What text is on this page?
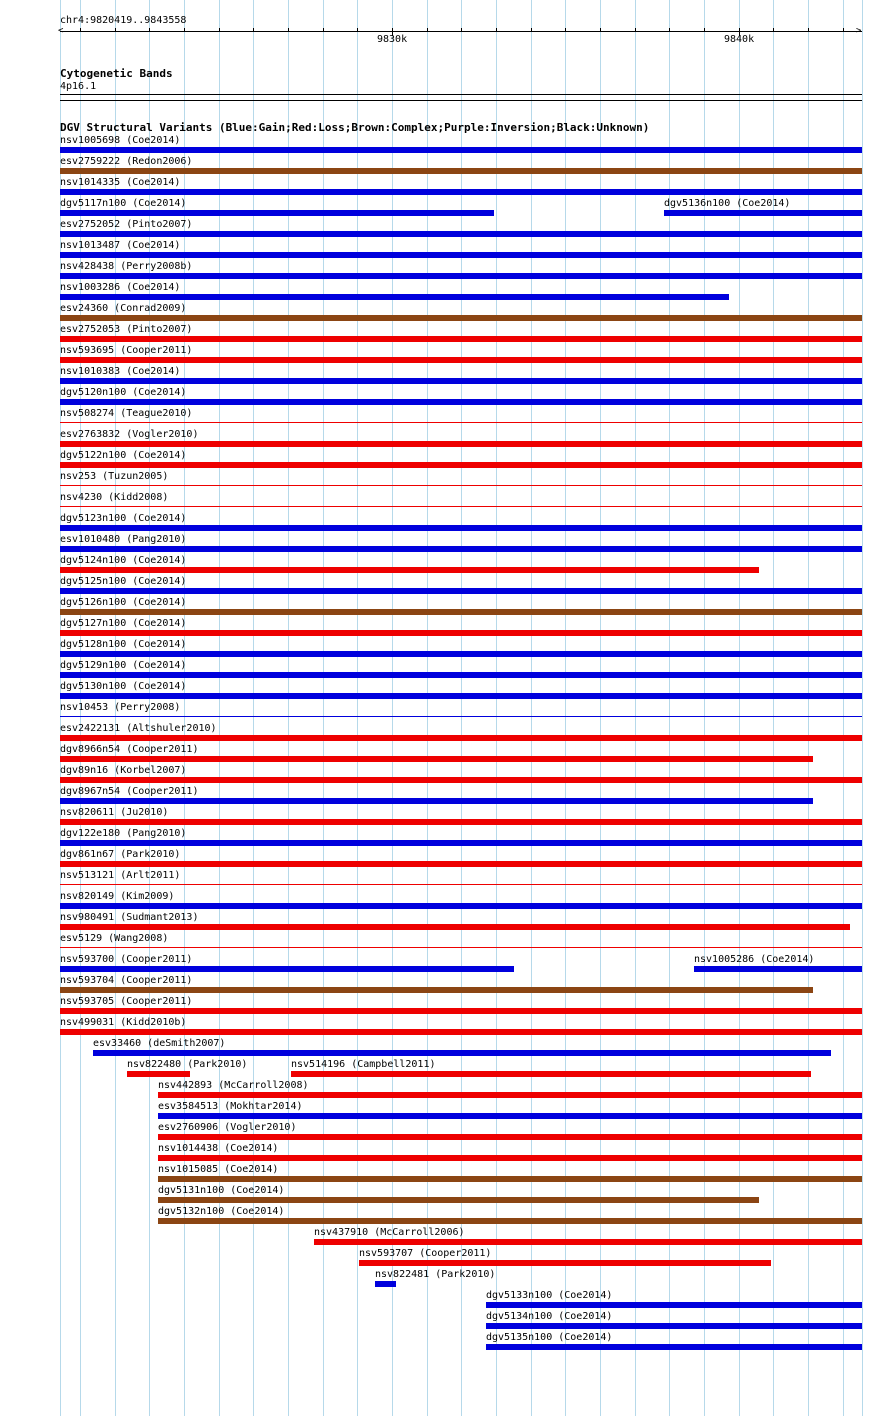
chr4:9820419..9843558
<	>
9830k	9840k
Cytogenetic Bands
4p16.1
DGV Structural Variants (Blue:Gain;Red:Loss;Brown:Complex;Purple:Inversion;Black:Unknown)
nsv1005698 (Coe2014)
esv2759222 (Redon2006)
nsv1014335 (Coe2014)
dgv5117n100 (Coe2014)	dgv5136n100 (Coe2014)
esv2752052 (Pinto2007)
nsv1013487 (Coe2014)
nsv428438 (Perry2008b)
nsv1003286 (Coe2014)
esv24360 (Conrad2009)
esv2752053 (Pinto2007)
nsv593695 (Cooper2011)
nsv1010383 (Coe2014)
dgv5120n100 (Coe2014)
nsv508274 (Teague2010)
esv2763832 (Vogler2010)
dgv5122n100 (Coe2014)
nsv253 (Tuzun2005)
nsv4230 (Kidd2008)
dgv5123n100 (Coe2014)
esv1010480 (Pang2010)
dgv5124n100 (Coe2014)
dgv5125n100 (Coe2014)
dgv5126n100 (Coe2014)
dgv5127n100 (Coe2014)
dgv5128n100 (Coe2014)
dgv5129n100 (Coe2014)
dgv5130n100 (Coe2014)
nsv10453 (Perry2008)
esv2422131 (Altshuler2010)
dgv8966n54 (Cooper2011)
dgv89n16 (Korbel2007)
dgv8967n54 (Cooper2011)
nsv820611 (Ju2010)
dgv122e180 (Pang2010)
dgv861n67 (Park2010)
nsv513121 (Arlt2011)
nsv820149 (Kim2009)
nsv980491 (Sudmant2013)
esv5129 (Wang2008)
nsv593700 (Cooper2011)	nsv1005286 (Coe2014)
nsv593704 (Cooper2011)
nsv593705 (Cooper2011)
nsv499031 (Kidd2010b)
esv33460 (deSmith2007)
nsv822480 (Park2010)	nsv514196 (Campbell2011)
nsv442893 (McCarroll2008)
esv3584513 (Mokhtar2014)
esv2760906 (Vogler2010)
nsv1014438 (Coe2014)
nsv1015085 (Coe2014)
dgv5131n100 (Coe2014)
dgv5132n100 (Coe2014)
nsv437910 (McCarroll2006)
nsv593707 (Cooper2011)
nsv822481 (Park2010)
dgv5133n100 (Coe2014)
dgv5134n100 (Coe2014)
dgv5135n100 (Coe2014)
